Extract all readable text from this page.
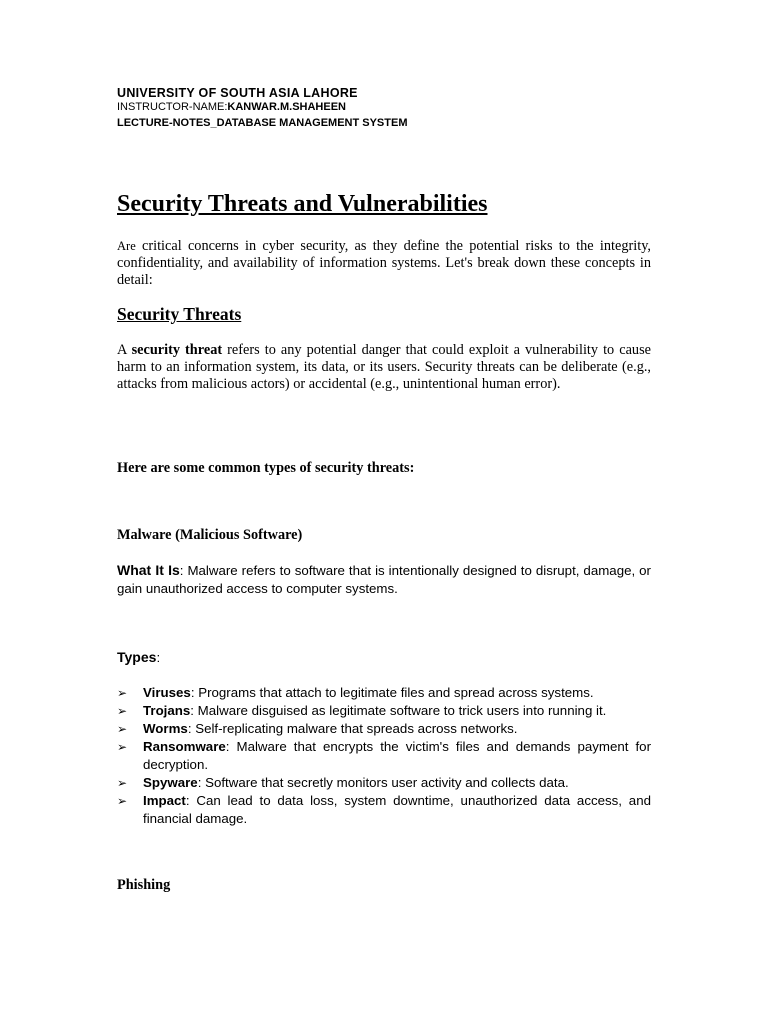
UNIVERSITY OF SOUTH ASIA LAHORE
INSTRUCTOR-NAME:KANWAR.M.SHAHEEN
LECTURE-NOTES_DATABASE MANAGEMENT SYSTEM
Security Threats and Vulnerabilities
Are critical concerns in cyber security, as they define the potential risks to the integrity, confidentiality, and availability of information systems. Let's break down these concepts in detail:
Security Threats
A security threat refers to any potential danger that could exploit a vulnerability to cause harm to an information system, its data, or its users. Security threats can be deliberate (e.g., attacks from malicious actors) or accidental (e.g., unintentional human error).
Here are some common types of security threats:
Malware (Malicious Software)
What It Is: Malware refers to software that is intentionally designed to disrupt, damage, or gain unauthorized access to computer systems.
Types:
➢ Viruses: Programs that attach to legitimate files and spread across systems.
➢ Trojans: Malware disguised as legitimate software to trick users into running it.
➢ Worms: Self-replicating malware that spreads across networks.
➢ Ransomware: Malware that encrypts the victim's files and demands payment for decryption.
➢ Spyware: Software that secretly monitors user activity and collects data.
➢ Impact: Can lead to data loss, system downtime, unauthorized data access, and financial damage.
Phishing
